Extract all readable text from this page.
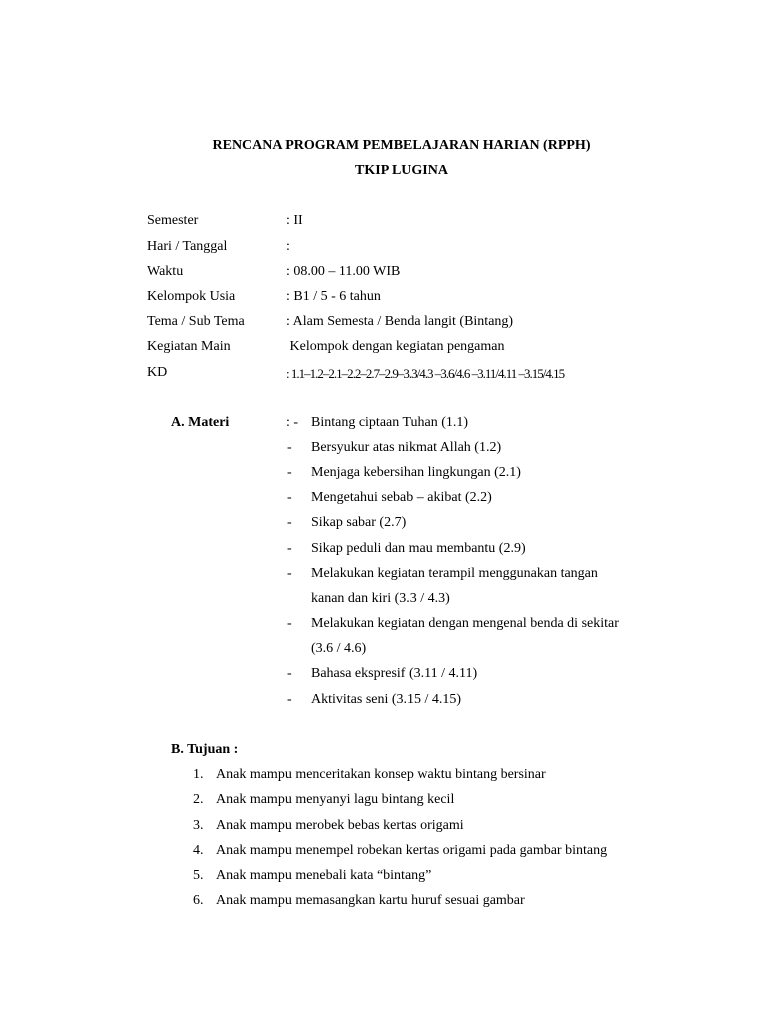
RENCANA PROGRAM PEMBELAJARAN HARIAN (RPPH)
TKIP LUGINA
Semester	: II
Hari / Tanggal	:
Waktu	: 08.00 – 11.00 WIB
Kelompok Usia	: B1 / 5 - 6 tahun
Tema / Sub Tema	: Alam Semesta / Benda langit (Bintang)
Kegiatan Main	Kelompok dengan kegiatan pengaman
KD	: 1.1–1.2–2.1–2.2–2.7–2.9–3.3/4.3 –3.6/4.6 –3.11/4.11 –3.15/4.15
A. Materi	: - Bintang ciptaan Tuhan (1.1)
- Bersyukur atas nikmat Allah (1.2)
- Menjaga kebersihan lingkungan (2.1)
- Mengetahui sebab – akibat (2.2)
- Sikap sabar (2.7)
- Sikap peduli dan mau membantu (2.9)
- Melakukan kegiatan terampil menggunakan tangan
kanan dan kiri (3.3 / 4.3)
- Melakukan kegiatan dengan mengenal benda di sekitar
(3.6 / 4.6)
- Bahasa ekspresif (3.11 / 4.11)
- Aktivitas seni (3.15 / 4.15)
B. Tujuan :
1. Anak mampu menceritakan konsep waktu bintang bersinar
2. Anak mampu menyanyi lagu bintang kecil
3. Anak mampu merobek bebas kertas origami
4. Anak mampu menempel robekan kertas origami pada gambar bintang
5. Anak mampu menebali kata “bintang”
6. Anak mampu memasangkan kartu huruf sesuai gambar
